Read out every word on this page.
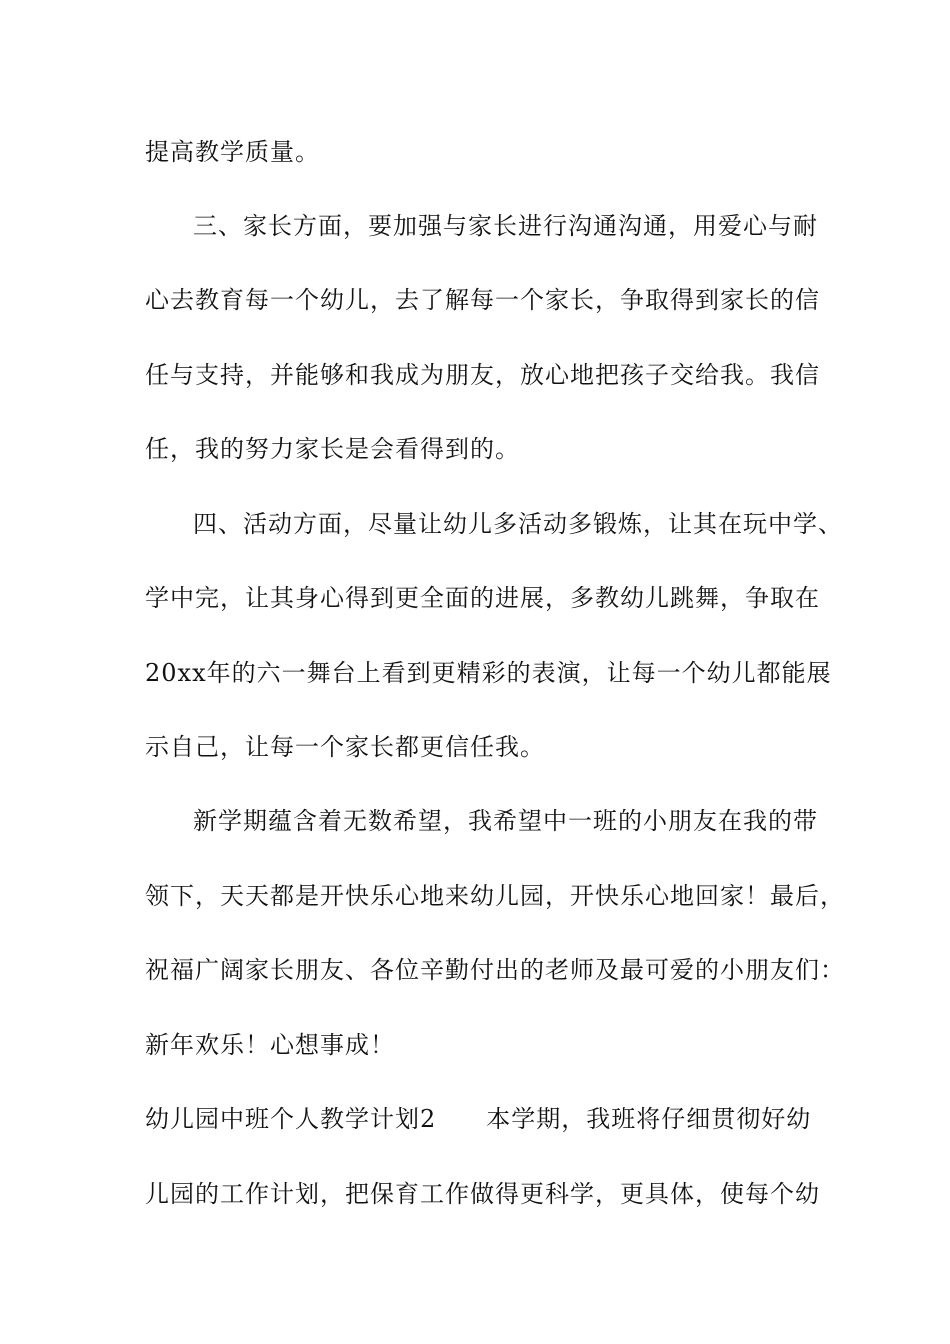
提高教学质量。
三、家长方面，要加强与家长进行沟通沟通，用爱心与耐
心去教育每一个幼儿，去了解每一个家长，争取得到家长的信
任与支持，并能够和我成为朋友，放心地把孩子交给我。我信
任，我的努力家长是会看得到的。
四、活动方面，尽量让幼儿多活动多锻炼，让其在玩中学、
学中完，让其身心得到更全面的进展，多教幼儿跳舞，争取在
20xx年的六一舞台上看到更精彩的表演，让每一个幼儿都能展
示自己，让每一个家长都更信任我。
新学期蕴含着无数希望，我希望中一班的小朋友在我的带
领下，天天都是开快乐心地来幼儿园，开快乐心地回家！最后，
祝福广阔家长朋友、各位辛勤付出的老师及最可爱的小朋友们：
新年欢乐！心想事成！
幼儿园中班个人教学计划2　　本学期，我班将仔细贯彻好幼
儿园的工作计划，把保育工作做得更科学，更具体，使每个幼
